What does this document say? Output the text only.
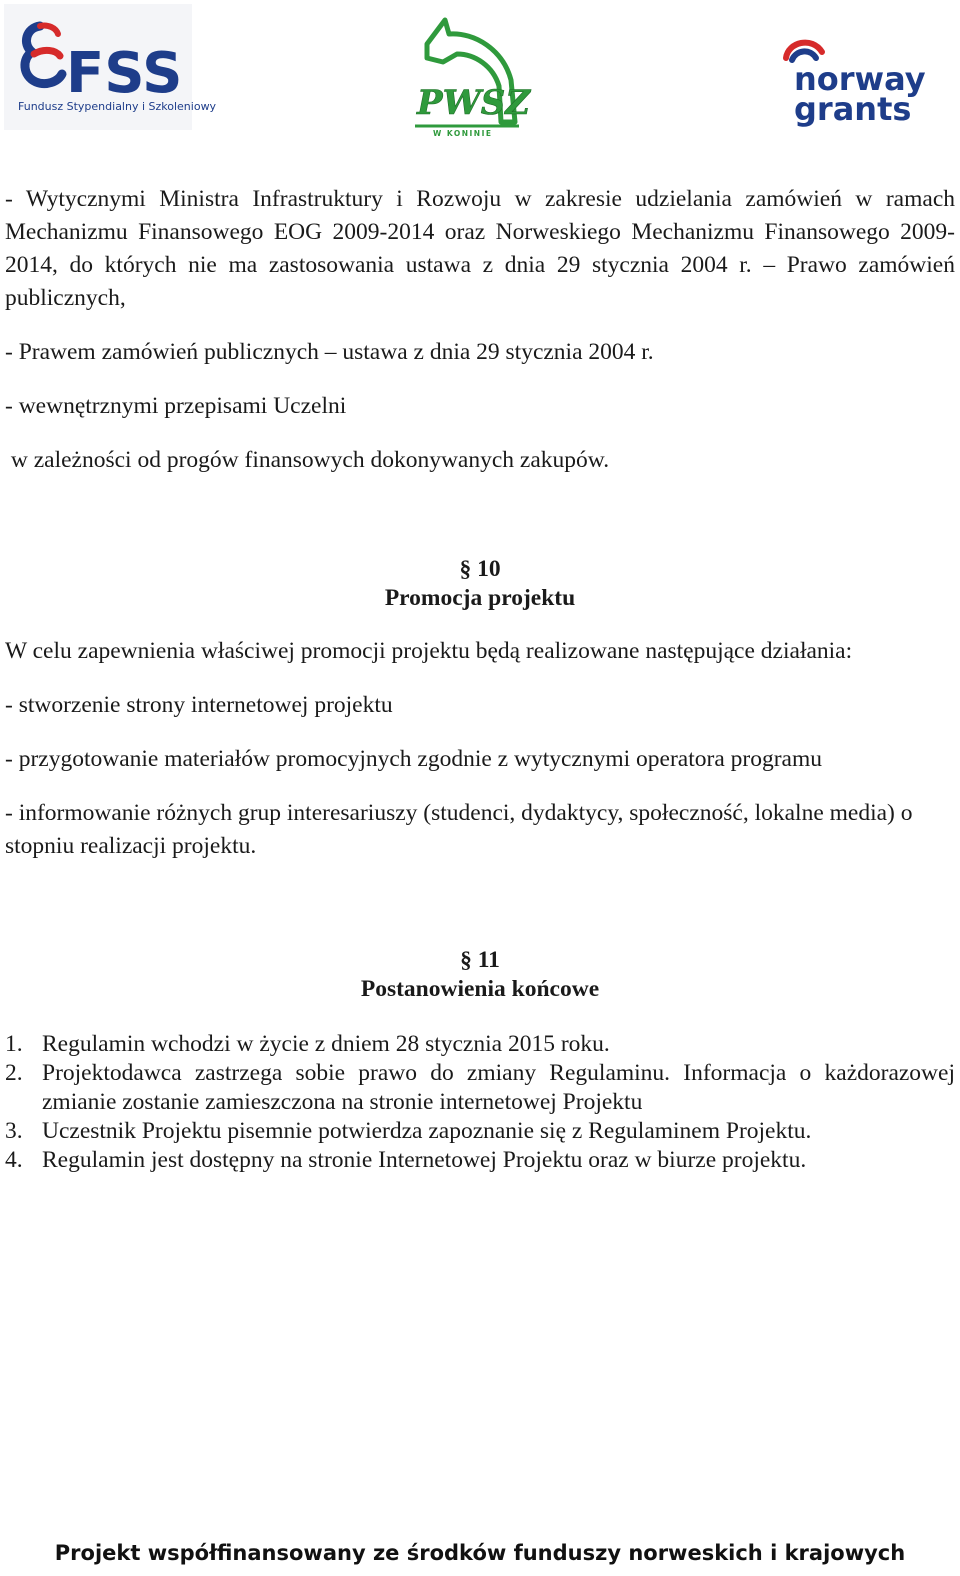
FSS
Fundusz Stypendialny i Szkoleniowy	PWSZ
W KONINIE
norway
grants

- Wytycznymi Ministra Infrastruktury i Rozwoju w zakresie udzielania zamówień w ramach Mechanizmu Finansowego EOG 2009-2014 oraz Norweskiego Mechanizmu Finansowego 2009-2014, do których nie ma zastosowania ustawa z dnia 29 stycznia 2004 r. – Prawo zamówień publicznych,

- Prawem zamówień publicznych – ustawa z dnia 29 stycznia 2004 r.

- wewnętrznymi przepisami Uczelni

w zależności od progów finansowych dokonywanych zakupów.

§ 10
Promocja projektu

W celu zapewnienia właściwej promocji projektu będą realizowane następujące działania:

- stworzenie strony internetowej projektu

- przygotowanie materiałów promocyjnych zgodnie z wytycznymi operatora programu

- informowanie różnych grup interesariuszy (studenci, dydaktycy, społeczność, lokalne media) o stopniu realizacji projektu.

§ 11
Postanowienia końcowe
1. Regulamin wchodzi w życie z dniem 28 stycznia 2015 roku.
2. Projektodawca zastrzega sobie prawo do zmiany Regulaminu. Informacja o każdorazowej zmianie zostanie zamieszczona na stronie internetowej Projektu
3. Uczestnik Projektu pisemnie potwierdza zapoznanie się z Regulaminem Projektu.
4. Regulamin jest dostępny na stronie Internetowej Projektu oraz w biurze projektu.
Projekt współfinansowany ze środków funduszy norweskich i krajowych
